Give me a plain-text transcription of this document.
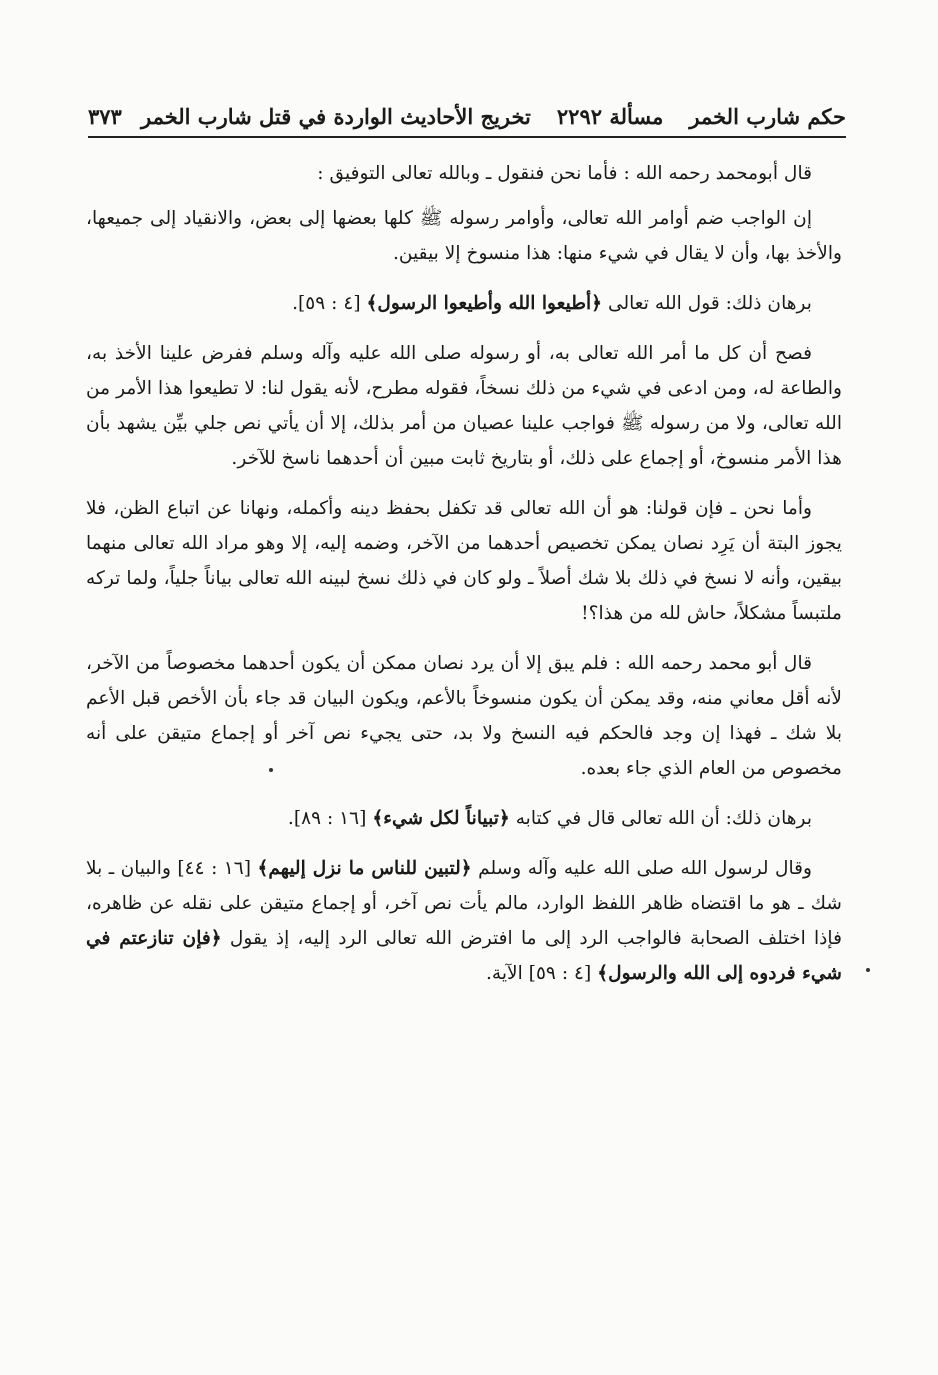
حكم شارب الخمر
مسألة ٢٢٩٢
تخريج الأحاديث الواردة في قتل شارب الخمر
٣٧٣

قال أبومحمد رحمه الله : فأما نحن فنقول ـ وبالله تعالى التوفيق :

إن الواجب ضم أوامر الله تعالى، وأوامر رسوله ﷺ كلها بعضها إلى بعض، والانقياد إلى جميعها، والأخذ بها، وأن لا يقال في شيء منها: هذا منسوخ إلا بيقين.

برهان ذلك: قول الله تعالى ﴿أطيعوا الله وأطيعوا الرسول﴾ [٤ : ٥٩].

فصح أن كل ما أمر الله تعالى به، أو رسوله صلى الله عليه وآله وسلم ففرض علينا الأخذ به، والطاعة له، ومن ادعى في شيء من ذلك نسخاً، فقوله مطرح، لأنه يقول لنا: لا تطيعوا هذا الأمر من الله تعالى، ولا من رسوله ﷺ فواجب علينا عصيان من أمر بذلك، إلا أن يأتي نص جلي بيِّن يشهد بأن هذا الأمر منسوخ، أو إجماع على ذلك، أو بتاريخ ثابت مبين أن أحدهما ناسخ للآخر.

وأما نحن ـ فإن قولنا: هو أن الله تعالى قد تكفل بحفظ دينه وأكمله، ونهانا عن اتباع الظن، فلا يجوز البتة أن يَرِد نصان يمكن تخصيص أحدهما من الآخر، وضمه إليه، إلا وهو مراد الله تعالى منهما بيقين، وأنه لا نسخ في ذلك بلا شك أصلاً ـ ولو كان في ذلك نسخ لبينه الله تعالى بياناً جلياً، ولما تركه ملتبساً مشكلاً، حاش لله من هذا؟!

قال أبو محمد رحمه الله : فلم يبق إلا أن يرد نصان ممكن أن يكون أحدهما مخصوصاً من الآخر، لأنه أقل معاني منه، وقد يمكن أن يكون منسوخاً بالأعم، ويكون البيان قد جاء بأن الأخص قبل الأعم بلا شك ـ فهذا إن وجد فالحكم فيه النسخ ولا بد، حتى يجيء نص آخر أو إجماع متيقن على أنه مخصوص من العام الذي جاء بعده.

برهان ذلك: أن الله تعالى قال في كتابه ﴿تبياناً لكل شيء﴾ [١٦ : ٨٩].

وقال لرسول الله صلى الله عليه وآله وسلم ﴿لتبين للناس ما نزل إليهم﴾ [١٦ : ٤٤] والبيان ـ بلا شك ـ هو ما اقتضاه ظاهر اللفظ الوارد، مالم يأت نص آخر، أو إجماع متيقن على نقله عن ظاهره، فإذا اختلف الصحابة فالواجب الرد إلى ما افترض الله تعالى الرد إليه، إذ يقول ﴿فإن تنازعتم في شيء فردوه إلى الله والرسول﴾ [٤ : ٥٩] الآية.
